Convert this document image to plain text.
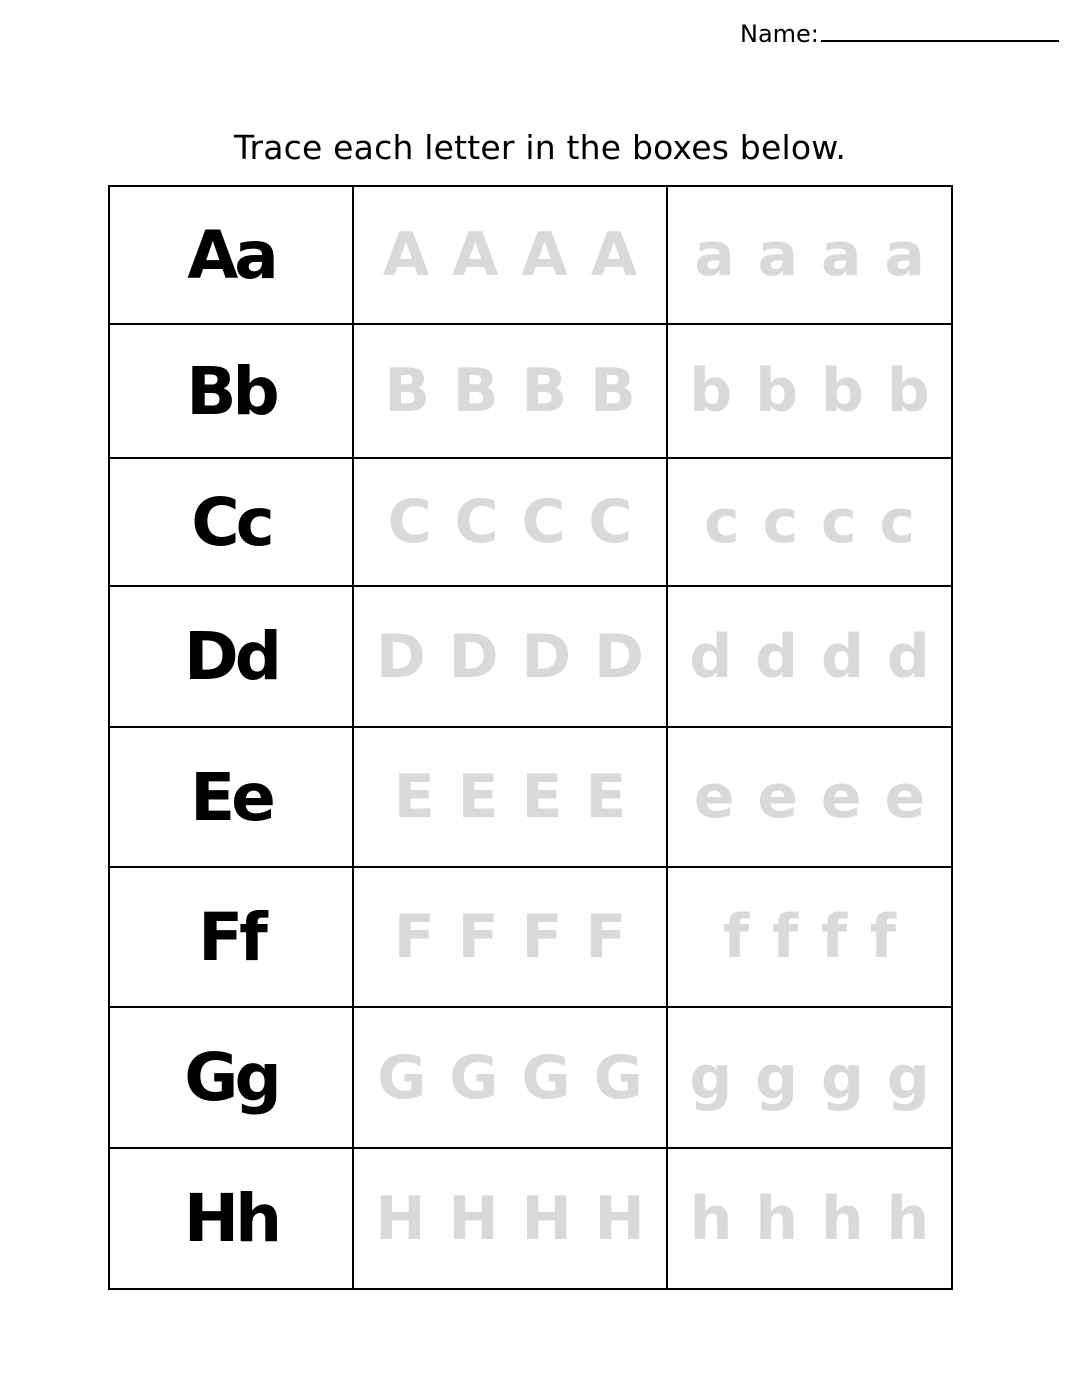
Name:
Trace each letter in the boxes below.
Aa	A A A A	a a a a
Bb	B B B B	b b b b
Cc	C C C C	c c c c
Dd	D D D D	d d d d
Ee	E E E E	e e e e
Ff	F F F F	f f f f
Gg	G G G G	g g g g
Hh	H H H H	h h h h
